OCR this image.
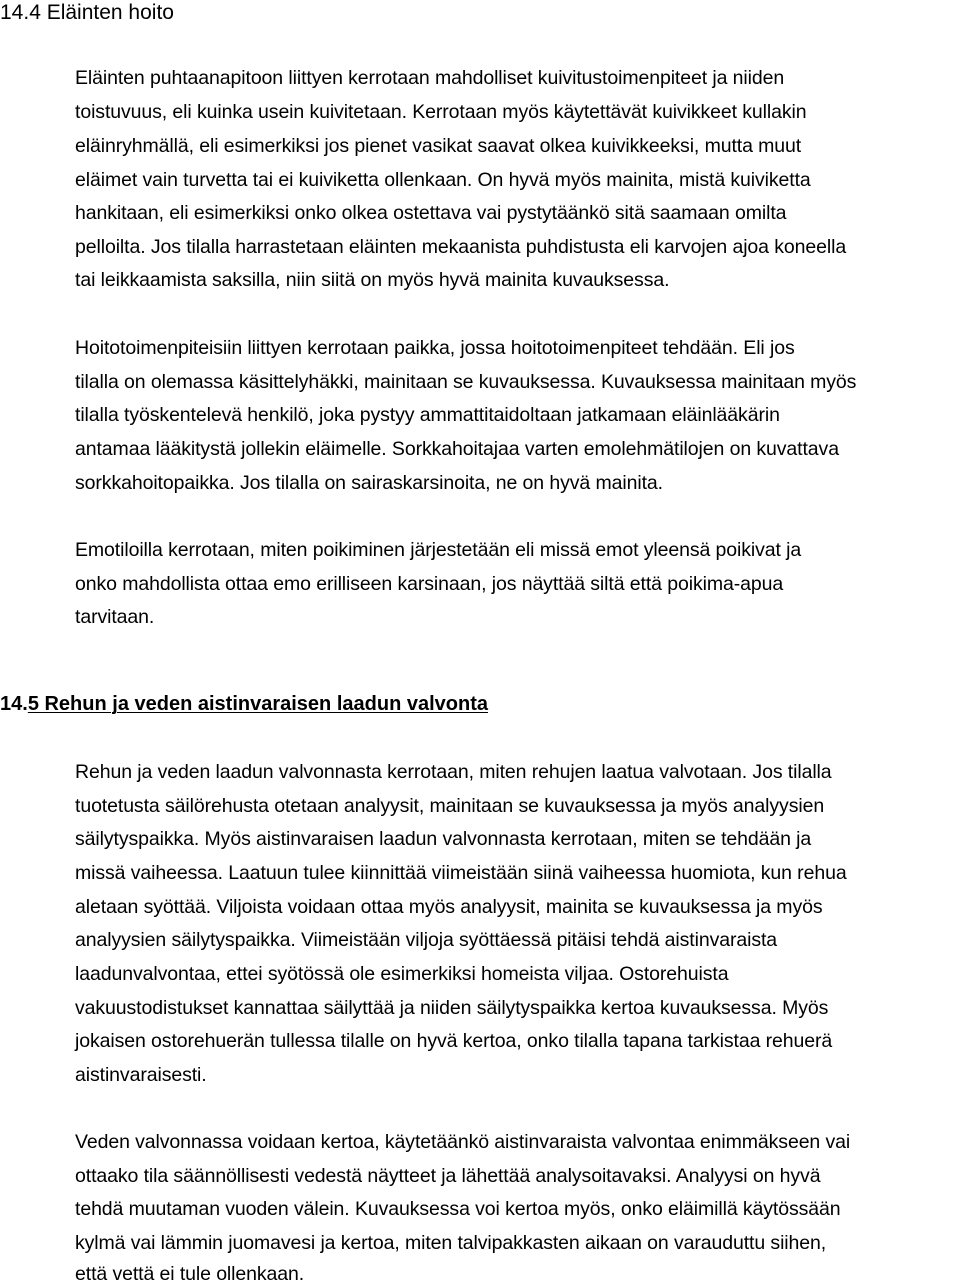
14.4 Eläinten hoito
Eläinten puhtaanapitoon liittyen kerrotaan mahdolliset kuivitustoimenpiteet ja niiden
toistuvuus, eli kuinka usein kuivitetaan. Kerrotaan myös käytettävät kuivikkeet kullakin
eläinryhmällä, eli esimerkiksi jos pienet vasikat saavat olkea kuivikkeeksi, mutta muut
eläimet vain turvetta tai ei kuiviketta ollenkaan. On hyvä myös mainita, mistä kuiviketta
hankitaan, eli esimerkiksi onko olkea ostettava vai pystytäänkö sitä saamaan omilta
pelloilta. Jos tilalla harrastetaan eläinten mekaanista puhdistusta eli karvojen ajoa koneella
tai leikkaamista saksilla, niin siitä on myös hyvä mainita kuvauksessa.
Hoitotoimenpiteisiin liittyen kerrotaan paikka, jossa hoitotoimenpiteet tehdään. Eli jos
tilalla on olemassa käsittelyhäkki, mainitaan se kuvauksessa. Kuvauksessa mainitaan myös
tilalla työskentelevä henkilö, joka pystyy ammattitaidoltaan jatkamaan eläinlääkärin
antamaa lääkitystä jollekin eläimelle. Sorkkahoitajaa varten emolehmätilojen on kuvattava
sorkkahoitopaikka. Jos tilalla on sairaskarsinoita, ne on hyvä mainita.
Emotiloilla kerrotaan, miten poikiminen järjestetään eli missä emot yleensä poikivat ja
onko mahdollista ottaa emo erilliseen karsinaan, jos näyttää siltä että poikima-apua
tarvitaan.
14.5 Rehun ja veden aistinvaraisen laadun valvonta
Rehun ja veden laadun valvonnasta kerrotaan, miten rehujen laatua valvotaan. Jos tilalla
tuotetusta säilörehusta otetaan analyysit, mainitaan se kuvauksessa ja myös analyysien
säilytyspaikka. Myös aistinvaraisen laadun valvonnasta kerrotaan, miten se tehdään ja
missä vaiheessa. Laatuun tulee kiinnittää viimeistään siinä vaiheessa huomiota, kun rehua
aletaan syöttää. Viljoista voidaan ottaa myös analyysit, mainita se kuvauksessa ja myös
analyysien säilytyspaikka. Viimeistään viljoja syöttäessä pitäisi tehdä aistinvaraista
laadunvalvontaa, ettei syötössä ole esimerkiksi homeista viljaa. Ostorehuista
vakuustodistukset kannattaa säilyttää ja niiden säilytyspaikka kertoa kuvauksessa. Myös
jokaisen ostorehuerän tullessa tilalle on hyvä kertoa, onko tilalla tapana tarkistaa rehuerä
aistinvaraisesti.
Veden valvonnassa voidaan kertoa, käytetäänkö aistinvaraista valvontaa enimmäkseen vai
ottaako tila säännöllisesti vedestä näytteet ja lähettää analysoitavaksi. Analyysi on hyvä
tehdä muutaman vuoden välein. Kuvauksessa voi kertoa myös, onko eläimillä käytössään
kylmä vai lämmin juomavesi ja kertoa, miten talvipakkasten aikaan on varauduttu siihen,
että vettä ei tule ollenkaan.
